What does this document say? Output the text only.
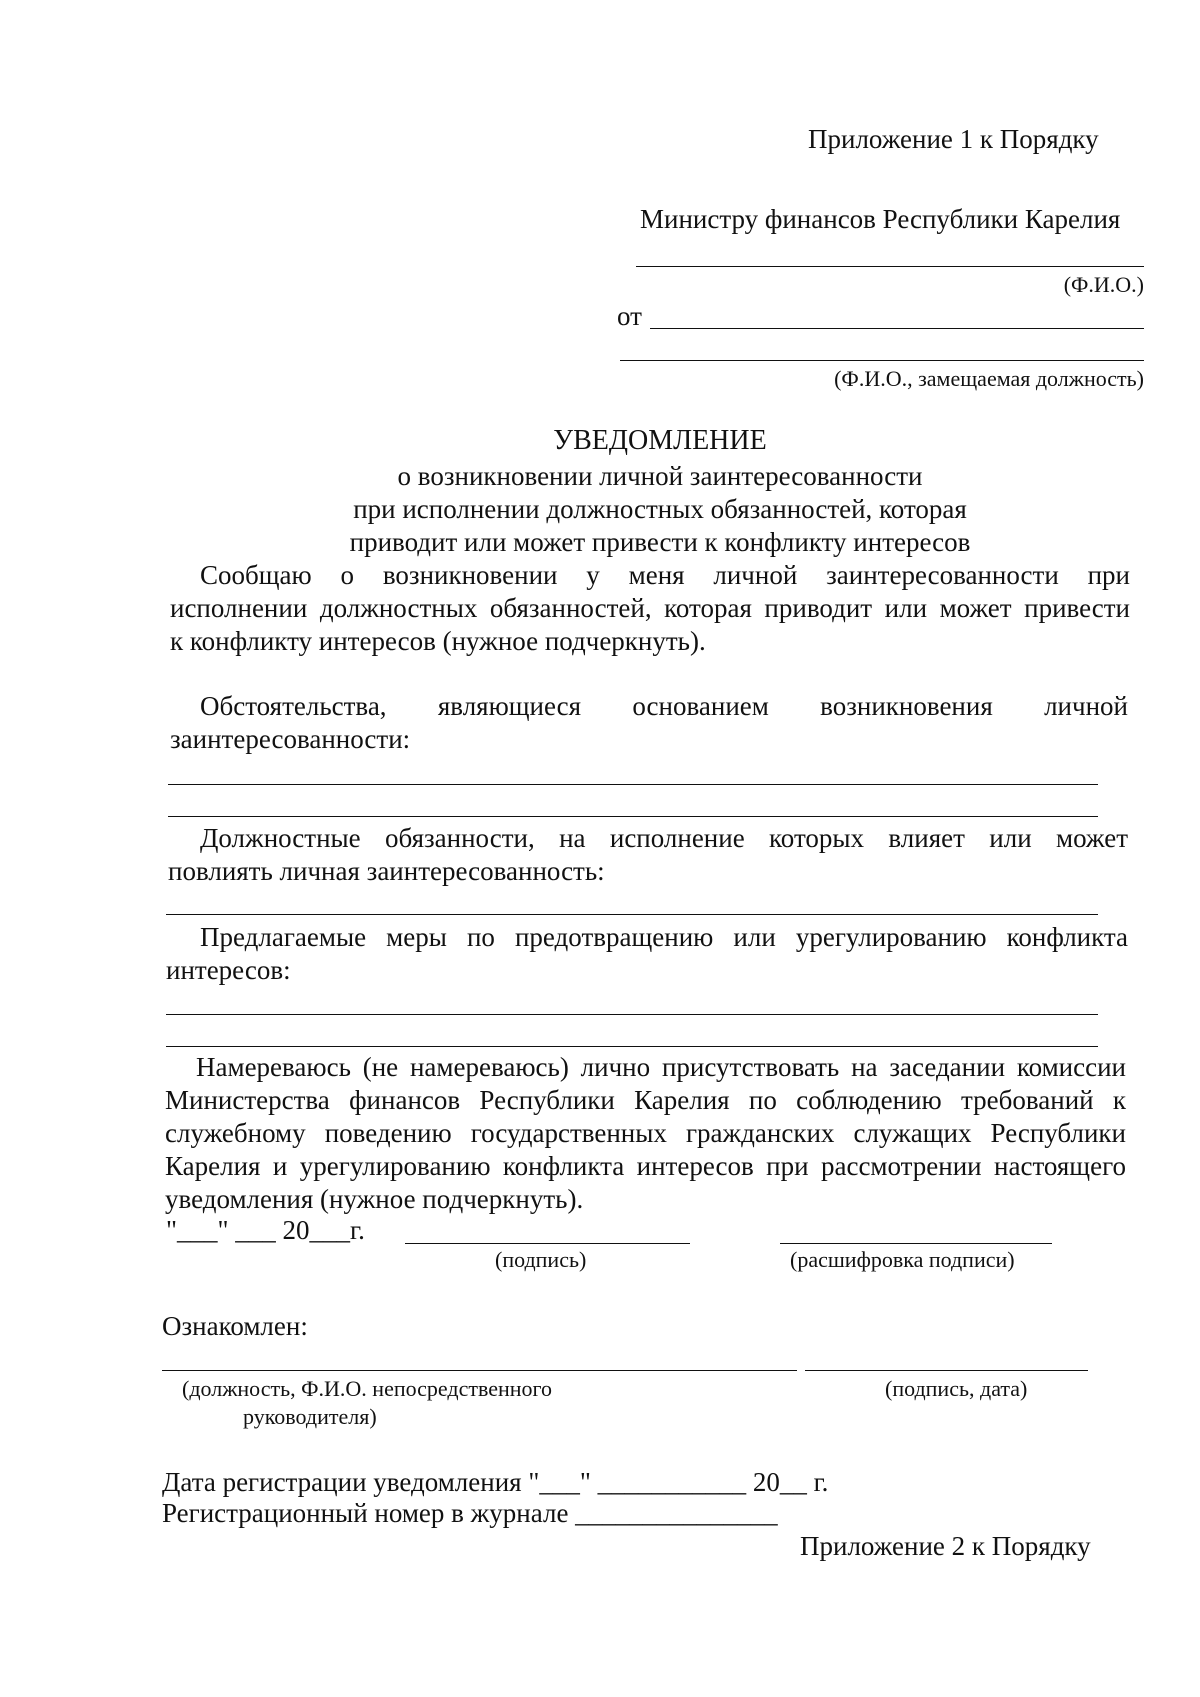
Приложение 1 к Порядку
Министру финансов Республики Карелия
(Ф.И.О.)
от
(Ф.И.О., замещаемая должность)
УВЕДОМЛЕНИЕ
о возникновении личной заинтересованности
при исполнении должностных обязанностей, которая
приводит или может привести к конфликту интересов
Сообщаю о возникновении у меня личной заинтересованности при
исполнении должностных обязанностей, которая приводит или может привести
к конфликту интересов (нужное подчеркнуть).
Обстоятельства, являющиеся основанием возникновения личной
заинтересованности:
Должностные обязанности, на исполнение которых влияет или может
повлиять личная заинтересованность:
Предлагаемые меры по предотвращению или урегулированию конфликта
интересов:
Намереваюсь (не намереваюсь) лично присутствовать на заседании комиссии
Министерства финансов Республики Карелия по соблюдению требований к
служебному поведению государственных гражданских служащих Республики
Карелия и урегулированию конфликта интересов при рассмотрении настоящего
уведомления (нужное подчеркнуть).
"___" ___ 20___г.
(подпись)	(расшифровка подписи)
Ознакомлен:
(должность, Ф.И.О. непосредственного
руководителя)
(подпись, дата)
Дата регистрации уведомления "___" ___________ 20__ г.
Регистрационный номер в журнале _______________
Приложение 2 к Порядку
